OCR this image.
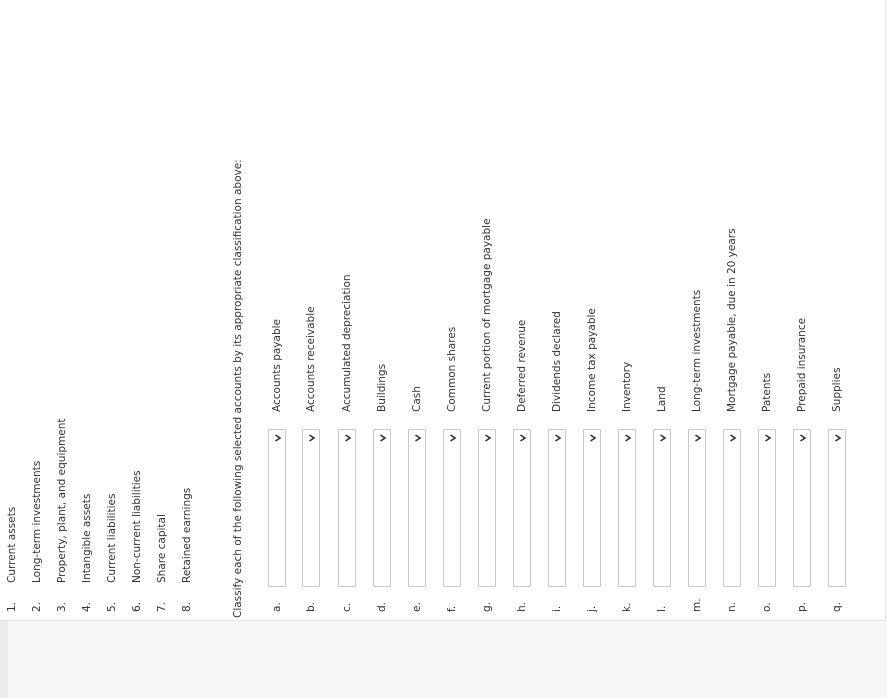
1.
Current assets
2.
Long-term investments
3.
Property, plant, and equipment
4.
Intangible assets
5.
Current liabilities
6.
Non-current liabilities
7.
Share capital
8.
Retained earnings	Classify each of the following selected accounts by its appropriate classification above:	a.
Accounts payable
b.
Accounts receivable
c.
Accumulated depreciation
d.
Buildings
e.
Cash
f.
Common shares
g.
Current portion of mortgage payable
h.
Deferred revenue
i.
Dividends declared
j.
Income tax payable
k.
Inventory
l.
Land
m.
Long-term investments
n.
Mortgage payable, due in 20 years
o.
Patents
p.
Prepaid insurance
q.
Supplies
